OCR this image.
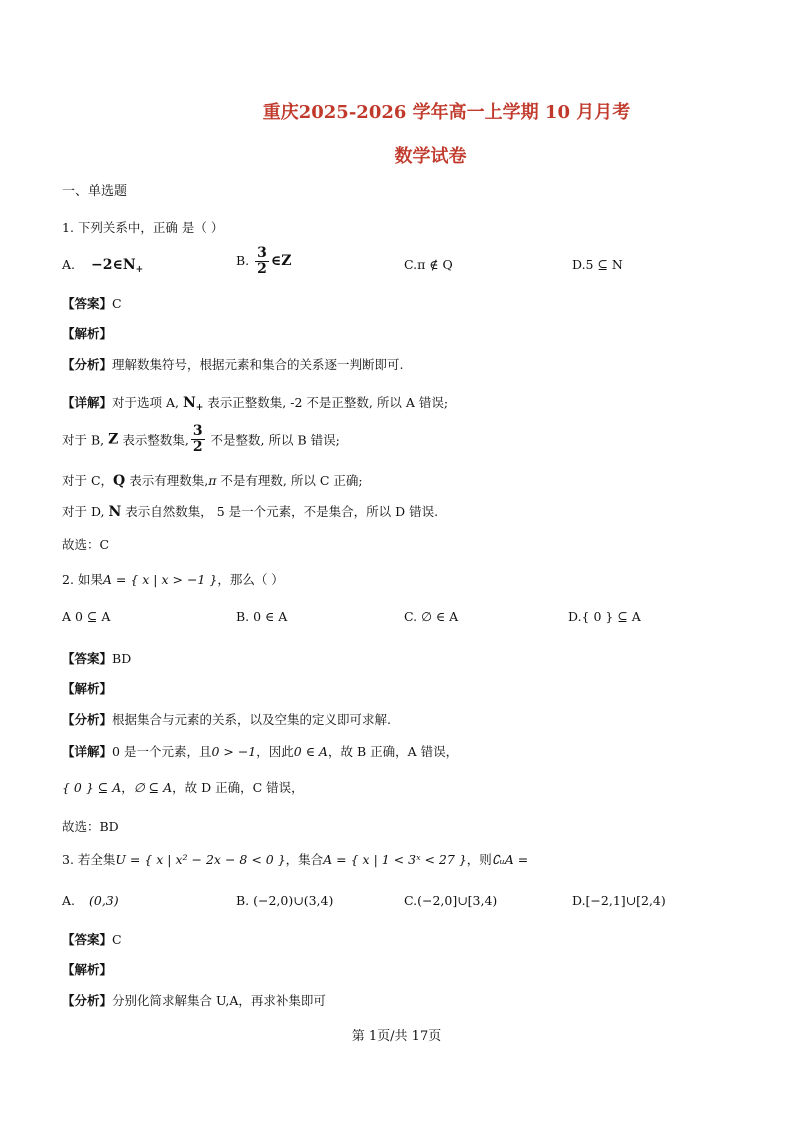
重庆2025-2026 学年高一上学期 10 月月考
数学试卷
一、单选题
1. 下列关系中，正确 是（ ）
A. $-2\in N_+$
B. $\frac{3}{2}$ ∈Z	C.π ∉ Q	D.5 ⊆ N
【答案】C
【解析】
【分析】理解数集符号，根据元素和集合的关系逐一判断即可.
【详解】对于选项 A, $N_+$ 表示正整数集, -2 不是正整数, 所以 A 错误;
对于 B, Z 表示整数集, $\frac{3}{2}$ 不是整数, 所以 B 错误;
对于 C，Q 表示有理数集,π 不是有理数, 所以 C 正确;
对于 D, N 表示自然数集， 5 是一个元素，不是集合，所以 D 错误.
故选：C
2. 如果A = { x | x > −1 }，那么（ ）
A 0 ⊆ A	B. 0 ∈ A	C. ∅ ∈ A	D.{ 0 } ⊆ A
【答案】BD
【解析】
【分析】根据集合与元素的关系，以及空集的定义即可求解.
【详解】0 是一个元素，且0 > −1，因此0 ∈ A，故 B 正确，A 错误，
{ 0 } ⊆ A，∅ ⊆ A，故 D 正确，C 错误，
故选：BD
3. 若全集U = { x | x² − 2x − 8 < 0 }，集合A = { x | 1 < 3ˣ < 27 }，则∁ᵤA =
A. (0,3)	B. (−2,0)∪(3,4)	C.(−2,0]∪[3,4)	D.[−2,1]∪[2,4)
【答案】C
【解析】
【分析】分别化简求解集合 U,A，再求补集即可
第 1页/共 17页
